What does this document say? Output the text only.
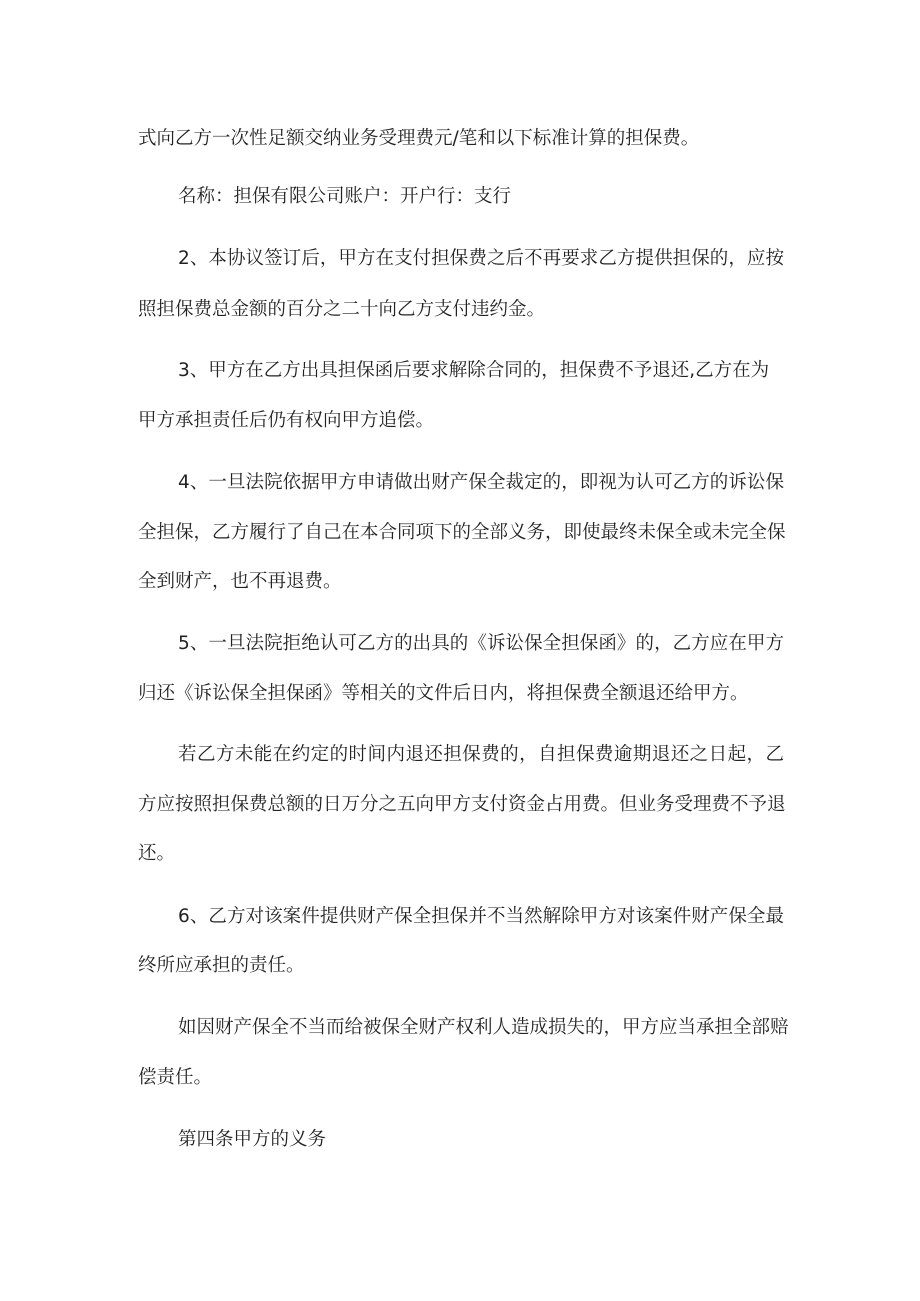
式向乙方一次性足额交纳业务受理费元/笔和以下标准计算的担保费。

名称：担保有限公司账户：开户行：支行

2、本协议签订后，甲方在支付担保费之后不再要求乙方提供担保的，应按

照担保费总金额的百分之二十向乙方支付违约金。

3、甲方在乙方出具担保函后要求解除合同的，担保费不予退还,乙方在为

甲方承担责任后仍有权向甲方追偿。

4、一旦法院依据甲方申请做出财产保全裁定的，即视为认可乙方的诉讼保

全担保，乙方履行了自己在本合同项下的全部义务，即使最终未保全或未完全保

全到财产，也不再退费。

5、一旦法院拒绝认可乙方的出具的《诉讼保全担保函》的，乙方应在甲方

归还《诉讼保全担保函》等相关的文件后日内，将担保费全额退还给甲方。

若乙方未能在约定的时间内退还担保费的，自担保费逾期退还之日起，乙

方应按照担保费总额的日万分之五向甲方支付资金占用费。但业务受理费不予退

还。

6、乙方对该案件提供财产保全担保并不当然解除甲方对该案件财产保全最

终所应承担的责任。

如因财产保全不当而给被保全财产权利人造成损失的，甲方应当承担全部赔

偿责任。

第四条甲方的义务
